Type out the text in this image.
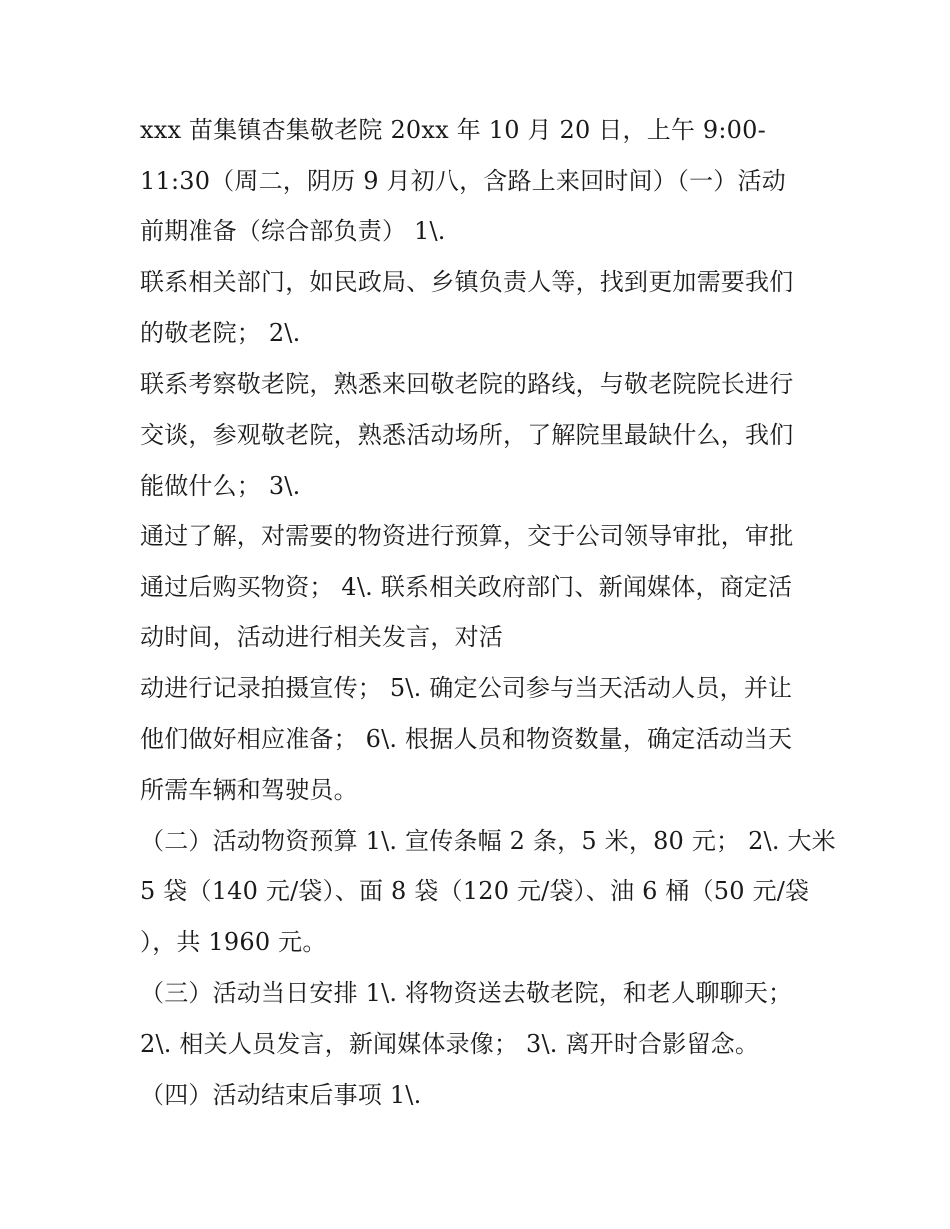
xxx 苗集镇杏集敬老院 20xx 年 10 月 20 日，上午 9:00-
11:30（周二，阴历 9 月初八，含路上来回时间）（一）活动
前期准备（综合部负责） 1\.
联系相关部门，如民政局、乡镇负责人等，找到更加需要我们
的敬老院； 2\.
联系考察敬老院，熟悉来回敬老院的路线，与敬老院院长进行
交谈，参观敬老院，熟悉活动场所，了解院里最缺什么，我们
能做什么； 3\.
通过了解，对需要的物资进行预算，交于公司领导审批，审批
通过后购买物资； 4\. 联系相关政府部门、新闻媒体，商定活
动时间，活动进行相关发言，对活
动进行记录拍摄宣传； 5\. 确定公司参与当天活动人员，并让
他们做好相应准备； 6\. 根据人员和物资数量，确定活动当天
所需车辆和驾驶员。
（二）活动物资预算 1\. 宣传条幅 2 条，5 米，80 元； 2\. 大米
5 袋（140 元/袋）、面 8 袋（120 元/袋）、油 6 桶（50 元/袋
），共 1960 元。
（三）活动当日安排 1\. 将物资送去敬老院，和老人聊聊天；
2\. 相关人员发言，新闻媒体录像； 3\. 离开时合影留念。
（四）活动结束后事项 1\.
